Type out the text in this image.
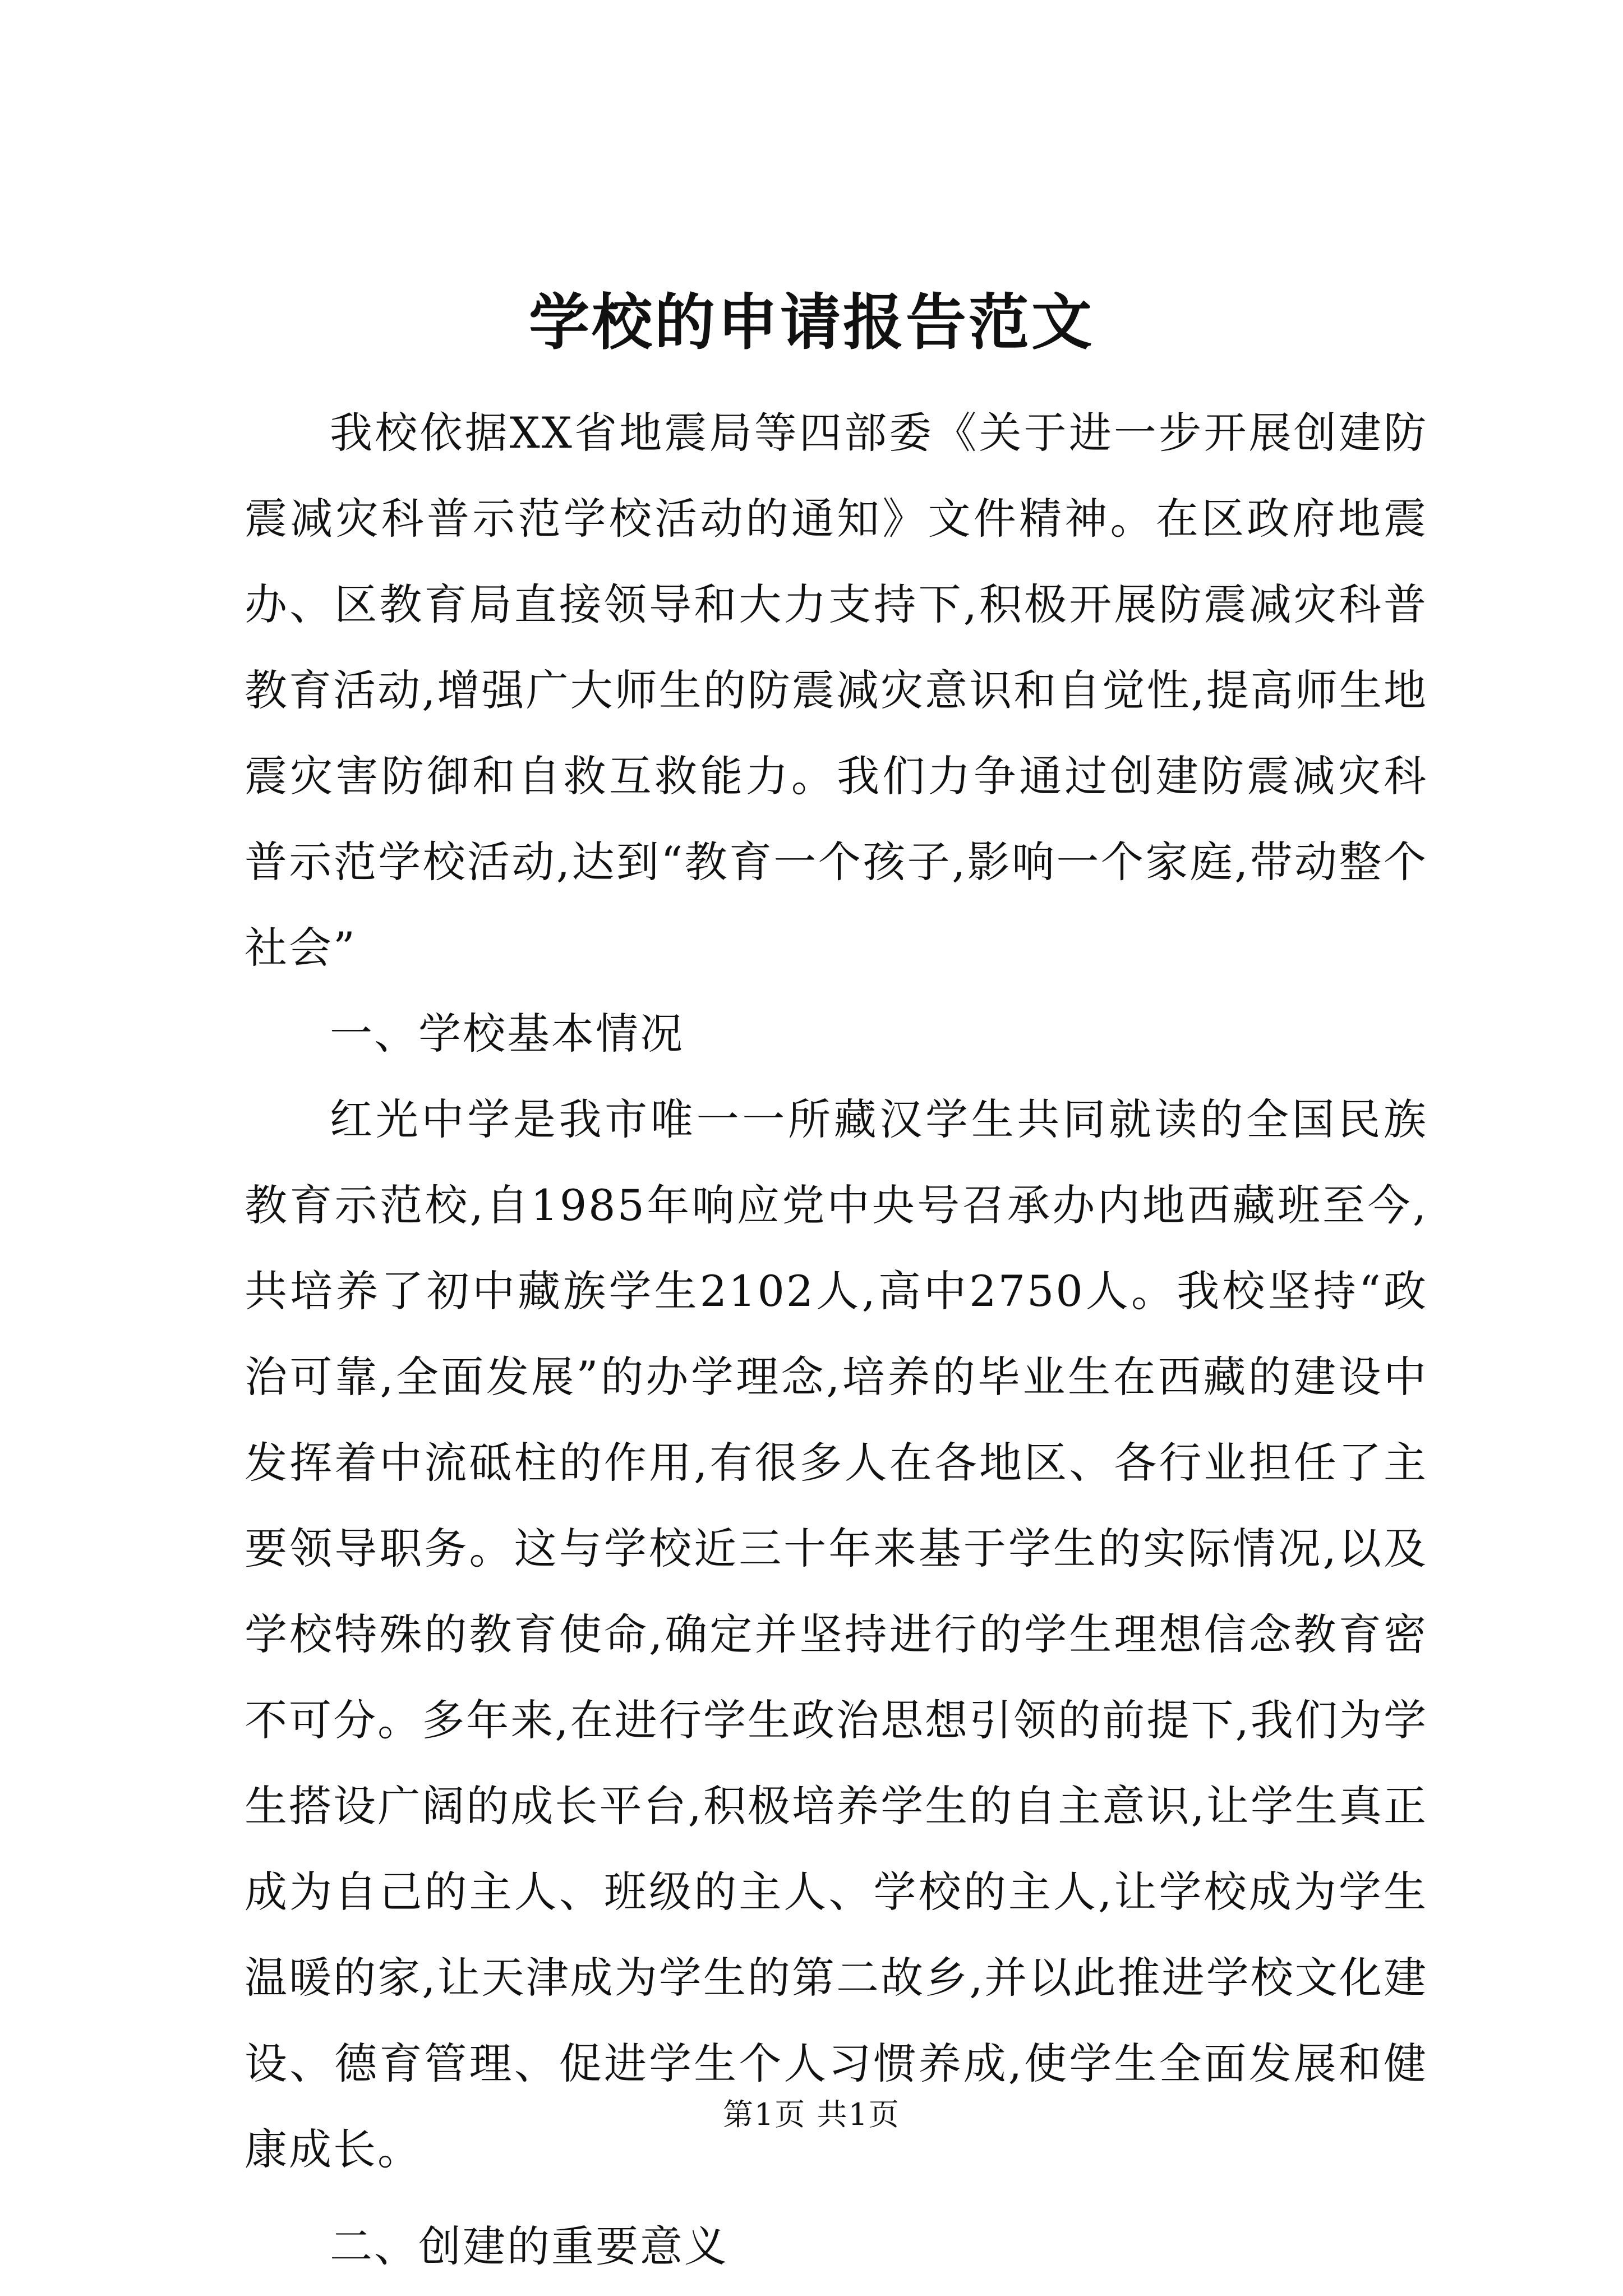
学校的申请报告范文

我校依据XX省地震局等四部委《关于进一步开展创建防震减灾科普示范学校活动的通知》文件精神。在区政府地震办、区教育局直接领导和大力支持下,积极开展防震减灾科普教育活动,增强广大师生的防震减灾意识和自觉性,提高师生地震灾害防御和自救互救能力。我们力争通过创建防震减灾科普示范学校活动,达到“教育一个孩子,影响一个家庭,带动整个社会”

一、学校基本情况

红光中学是我市唯一一所藏汉学生共同就读的全国民族教育示范校,自1985年响应党中央号召承办内地西藏班至今,共培养了初中藏族学生2102人,高中2750人。我校坚持“政治可靠,全面发展”的办学理念,培养的毕业生在西藏的建设中发挥着中流砥柱的作用,有很多人在各地区、各行业担任了主要领导职务。这与学校近三十年来基于学生的实际情况,以及学校特殊的教育使命,确定并坚持进行的学生理想信念教育密不可分。多年来,在进行学生政治思想引领的前提下,我们为学生搭设广阔的成长平台,积极培养学生的自主意识,让学生真正成为自己的主人、班级的主人、学校的主人,让学校成为学生温暖的家,让天津成为学生的第二故乡,并以此推进学校文化建设、德育管理、促进学生个人习惯养成,使学生全面发展和健康成长。

二、创建的重要意义

第1页 共1页
